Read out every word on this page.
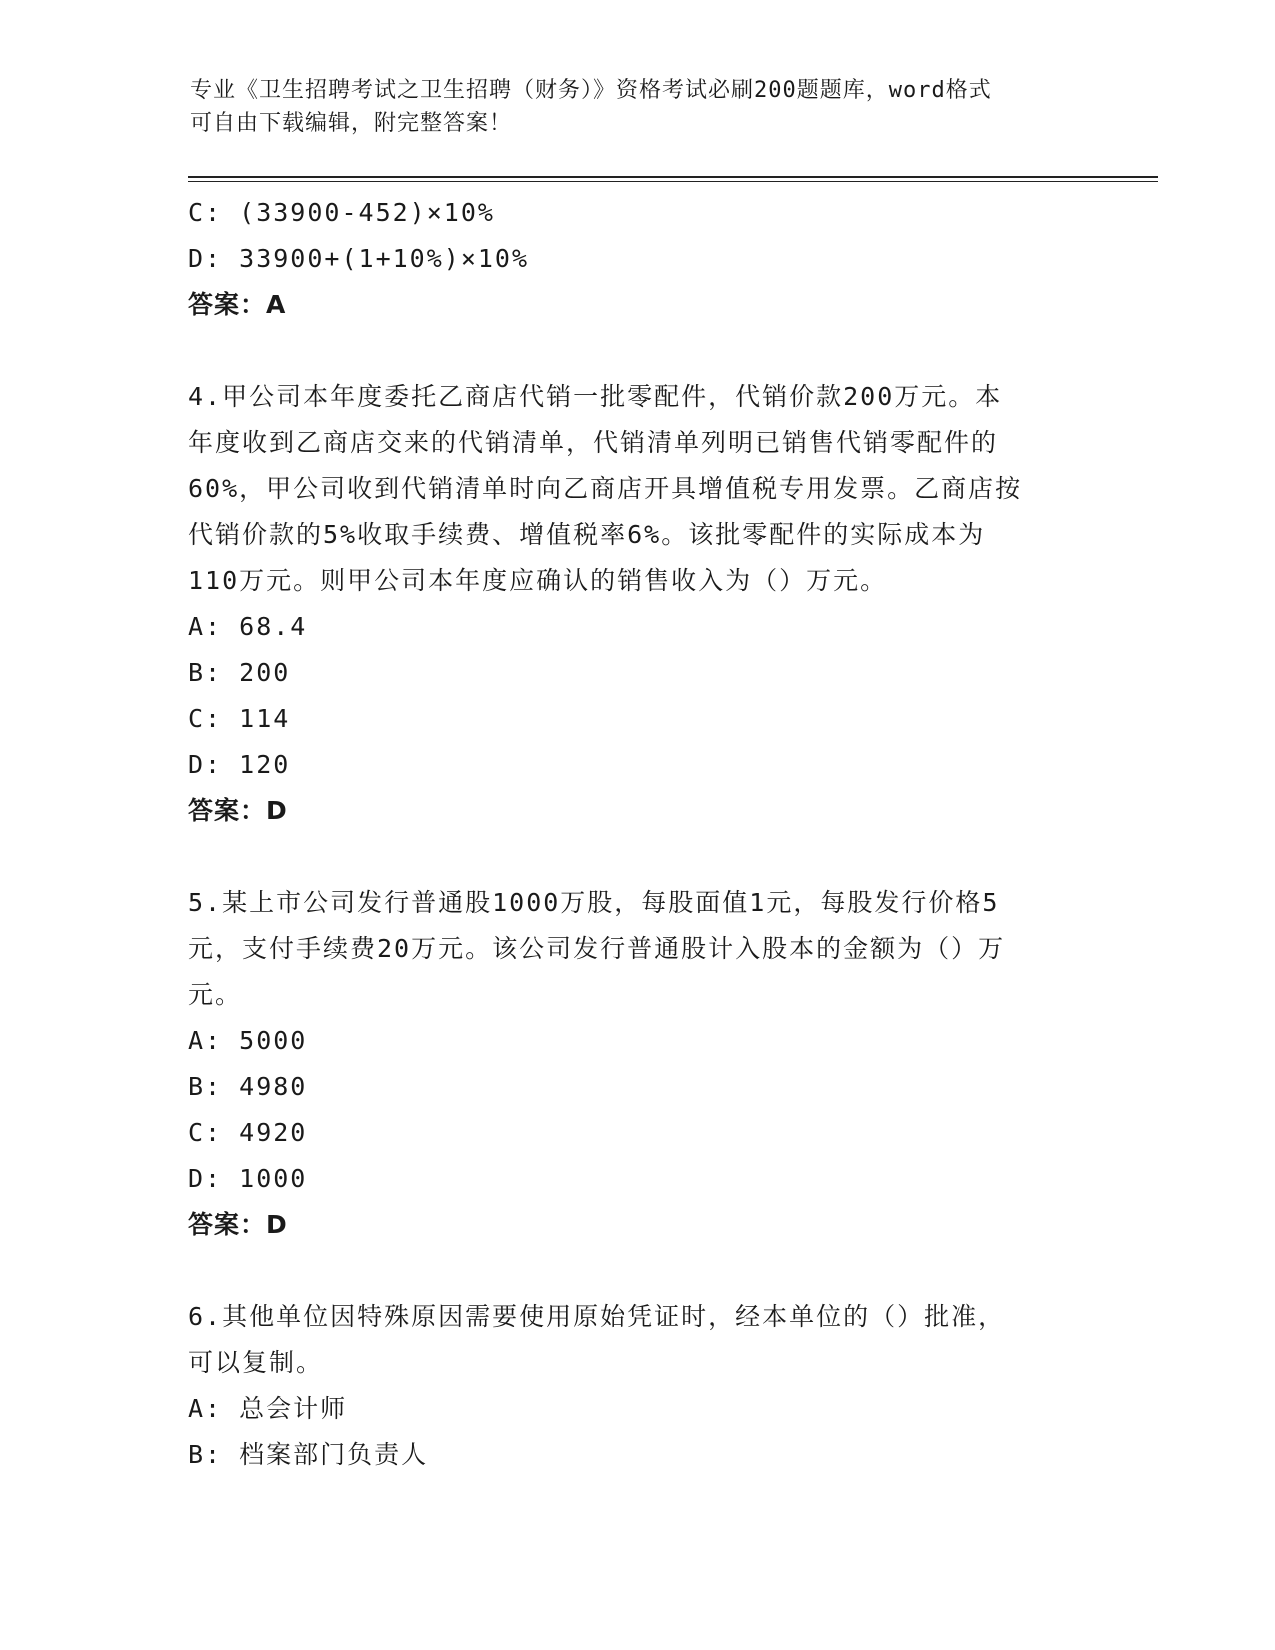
专业《卫生招聘考试之卫生招聘（财务）》资格考试必刷200题题库，word格式
可自由下载编辑，附完整答案！
C: (33900-452)×10%
D: 33900+(1+10%)×10%
答案：A
4.甲公司本年度委托乙商店代销一批零配件，代销价款200万元。本
年度收到乙商店交来的代销清单，代销清单列明已销售代销零配件的
60%，甲公司收到代销清单时向乙商店开具增值税专用发票。乙商店按
代销价款的5%收取手续费、增值税率6%。该批零配件的实际成本为
110万元。则甲公司本年度应确认的销售收入为（）万元。
A: 68.4
B: 200
C: 114
D: 120
答案：D
5.某上市公司发行普通股1000万股，每股面值1元，每股发行价格5
元，支付手续费20万元。该公司发行普通股计入股本的金额为（）万
元。
A: 5000
B: 4980
C: 4920
D: 1000
答案：D
6.其他单位因特殊原因需要使用原始凭证时，经本单位的（）批准，
可以复制。
A: 总会计师
B: 档案部门负责人
